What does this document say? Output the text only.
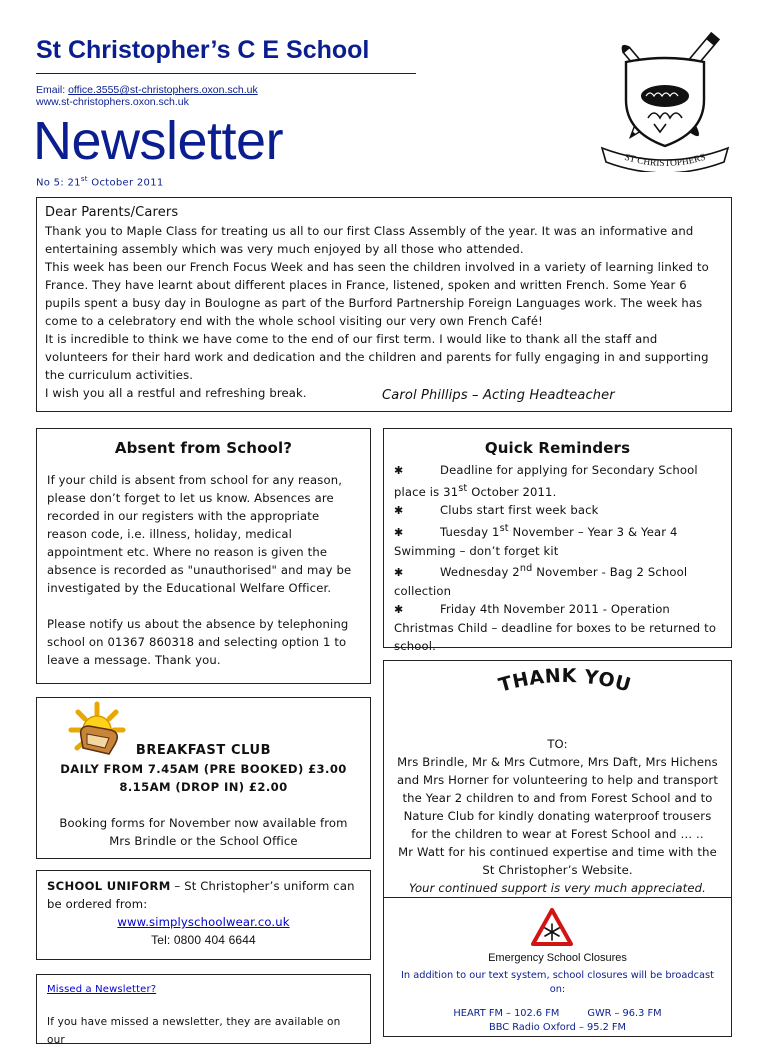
St Christopher’s C E School
Email: office.3555@st-christophers.oxon.sch.uk
www.st-christophers.oxon.sch.uk
Newsletter
No 5: 21st October 2011
ST CHRISTOPHERS
Dear Parents/Carers

Thank you to Maple Class for treating us all to our first Class Assembly of the year. It was an informative and entertaining assembly which was very much enjoyed by all those who attended.

This week has been our French Focus Week and has seen the children involved in a variety of learning linked to France. They have learnt about different places in France, listened, spoken and written French. Some Year 6 pupils spent a busy day in Boulogne as part of the Burford Partnership Foreign Languages work. The week has come to a celebratory end with the whole school visiting our very own French Café!

It is incredible to think we have come to the end of our first term. I would like to thank all the staff and volunteers for their hard work and dedication and the children and parents for fully engaging in and supporting the curriculum activities.

I wish you all a restful and refreshing break.	Carol Phillips – Acting Headteacher
Absent from School?

If your child is absent from school for any reason, please don’t forget to let us know. Absences are recorded in our registers with the appropriate reason code, i.e. illness, holiday, medical appointment etc. Where no reason is given the absence is recorded as "unauthorised" and may be investigated by the Educational Welfare Officer.

Please notify us about the absence by telephoning school on 01367 860318 and selecting option 1 to leave a message. Thank you.

Quick Reminders
✱	Deadline for applying for Secondary School place is 31st October 2011.
✱	Clubs start first week back
✱	Tuesday 1st November – Year 3 & Year 4 Swimming – don’t forget kit
✱	Wednesday 2nd November - Bag 2 School collection
✱	Friday 4th November 2011 - Operation Christmas Child – deadline for boxes to be returned to school.
BREAKFAST CLUB
DAILY FROM 7.45AM (PRE BOOKED) £3.00
8.15AM (DROP IN) £2.00

Booking forms for November now available from Mrs Brindle or the School Office

SCHOOL UNIFORM – St Christopher’s uniform can be ordered from:
www.simplyschoolwear.co.uk
Tel: 0800 404 6644
Missed a Newsletter?

If you have missed a newsletter, they are available on our

TO:

Mrs Brindle, Mr & Mrs Cutmore, Mrs Daft, Mrs Hichens and Mrs Horner for volunteering to help and transport the Year 2 children to and from Forest School and to Nature Club for kindly donating waterproof trousers for the children to wear at Forest School and … ..

Mr Watt for his continued expertise and time with the St Christopher’s Website.

Your continued support is very much appreciated.

THANK YOU
Emergency School Closures
In addition to our text system, school closures will be broadcast on:
HEART FM – 102.6 FM         GWR – 96.3 FM
BBC Radio Oxford – 95.2 FM
